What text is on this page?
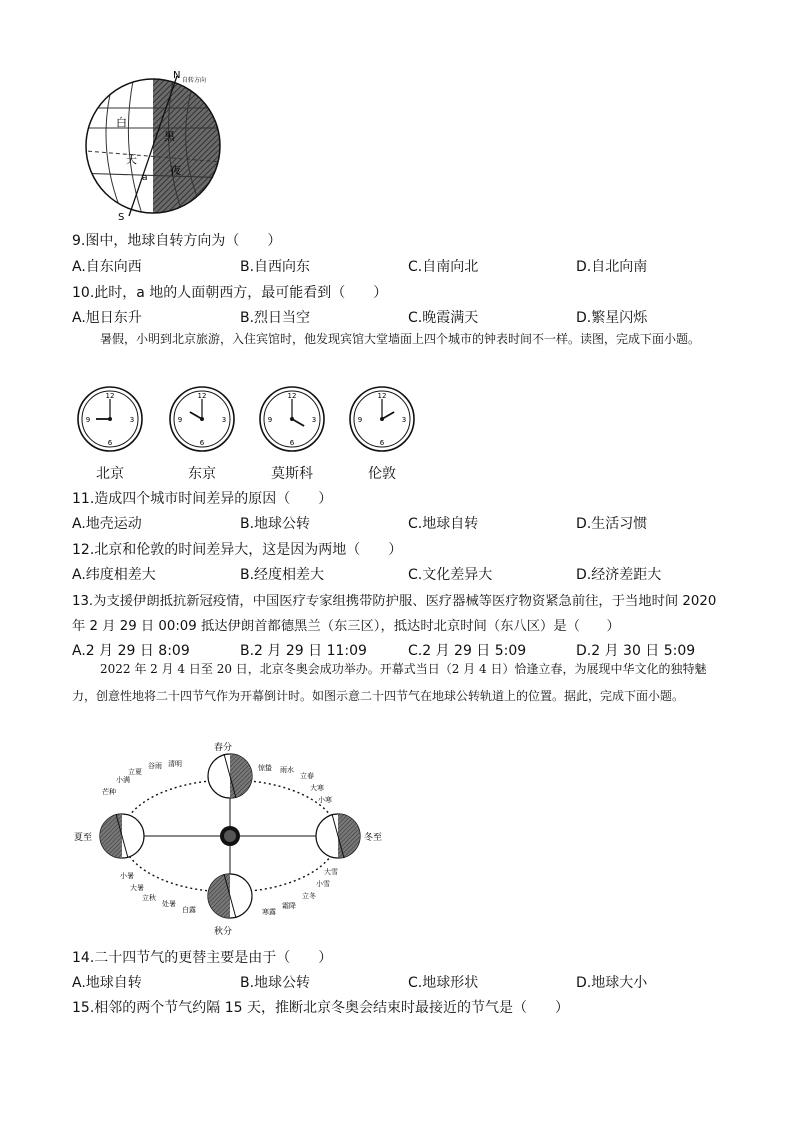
N 自转方向
S
白
天
黑
夜
a
9.图中，地球自转方向为（　　）
A.自东向西	B.自西向东	C.自南向北	D.自北向南
10.此时，a 地的人面朝西方，最可能看到（　　）
A.旭日东升	B.烈日当空	C.晚霞满天	D.繁星闪烁
暑假，小明到北京旅游，入住宾馆时，他发现宾馆大堂墙面上四个城市的钟表时间不一样。读图，完成下面小题。
12
3
6
9
12
3
6
9
12
3
6
9
12
3
6
9
北京	东京	莫斯科	伦敦
11.造成四个城市时间差异的原因（　　）
A.地壳运动	B.地球公转	C.地球自转	D.生活习惯
12.北京和伦敦的时间差异大，这是因为两地（　　）
A.纬度相差大	B.经度相差大	C.文化差异大	D.经济差距大
13.为支援伊朗抵抗新冠疫情，中国医疗专家组携带防护服、医疗器械等医疗物资紧急前往，于当地时间 2020
年 2 月 29 日 00:09 抵达伊朗首都德黑兰（东三区），抵达时北京时间（东八区）是（　　）
A.2 月 29 日 8:09	B.2 月 29 日 11:09	C.2 月 29 日 5:09	D.2 月 30 日 5:09
2022 年 2 月 4 日至 20 日，北京冬奥会成功举办。开幕式当日（2 月 4 日）恰逢立春，为展现中华文化的独特魅力，创意性地将二十四节气作为开幕倒计时。如图示意二十四节气在地球公转轨道上的位置。据此，完成下面小题。
春分
秋分
夏至	冬至
立夏
谷雨 清明
小满
芒种
惊蛰 雨水
立春
大寒
小寒
小暑
大暑
立秋
处暑
白露	寒露
霜降
立冬
小雪
大雪
14.二十四节气的更替主要是由于（　　）
A.地球自转	B.地球公转	C.地球形状	D.地球大小
15.相邻的两个节气约隔 15 天，推断北京冬奥会结束时最接近的节气是（　　）
